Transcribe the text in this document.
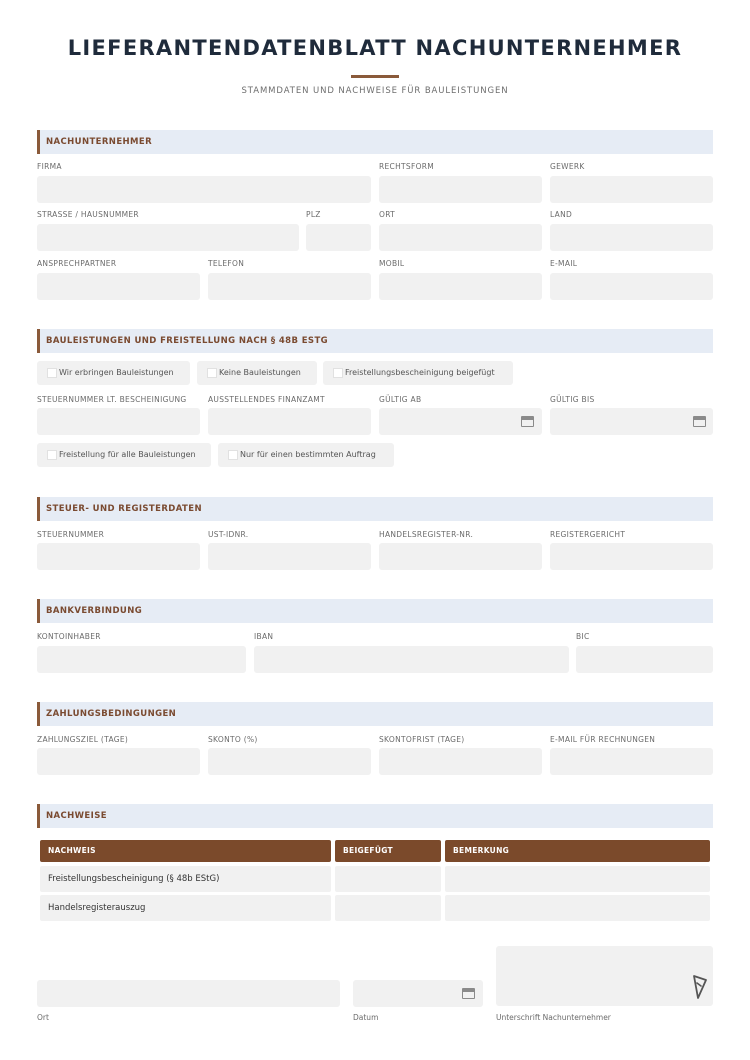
LIEFERANTENDATENBLATT NACHUNTERNEHMER
STAMMDATEN UND NACHWEISE FÜR BAULEISTUNGEN
NACHUNTERNEHMER
FIRMA	RECHTSFORM	GEWERK
STRASSE / HAUSNUMMER	PLZ	ORT	LAND
ANSPRECHPARTNER	TELEFON	MOBIL	E-MAIL
BAULEISTUNGEN UND FREISTELLUNG NACH § 48B ESTG
Wir erbringen Bauleistungen	Keine Bauleistungen	Freistellungsbescheinigung beigefügt
STEUERNUMMER LT. BESCHEINIGUNG	AUSSTELLENDES FINANZAMT	GÜLTIG AB	GÜLTIG BIS
Freistellung für alle Bauleistungen	Nur für einen bestimmten Auftrag
STEUER- UND REGISTERDATEN
STEUERNUMMER	UST-IDNR.	HANDELSREGISTER-NR.	REGISTERGERICHT
BANKVERBINDUNG
KONTOINHABER	IBAN	BIC
ZAHLUNGSBEDINGUNGEN
ZAHLUNGSZIEL (TAGE)	SKONTO (%)	SKONTOFRIST (TAGE)	E-MAIL FÜR RECHNUNGEN
NACHWEISE
NACHWEIS	BEIGEFÜGT	BEMERKUNG
Freistellungsbescheinigung (§ 48b EStG)
Handelsregisterauszug
Ort	Datum	Unterschrift Nachunternehmer
